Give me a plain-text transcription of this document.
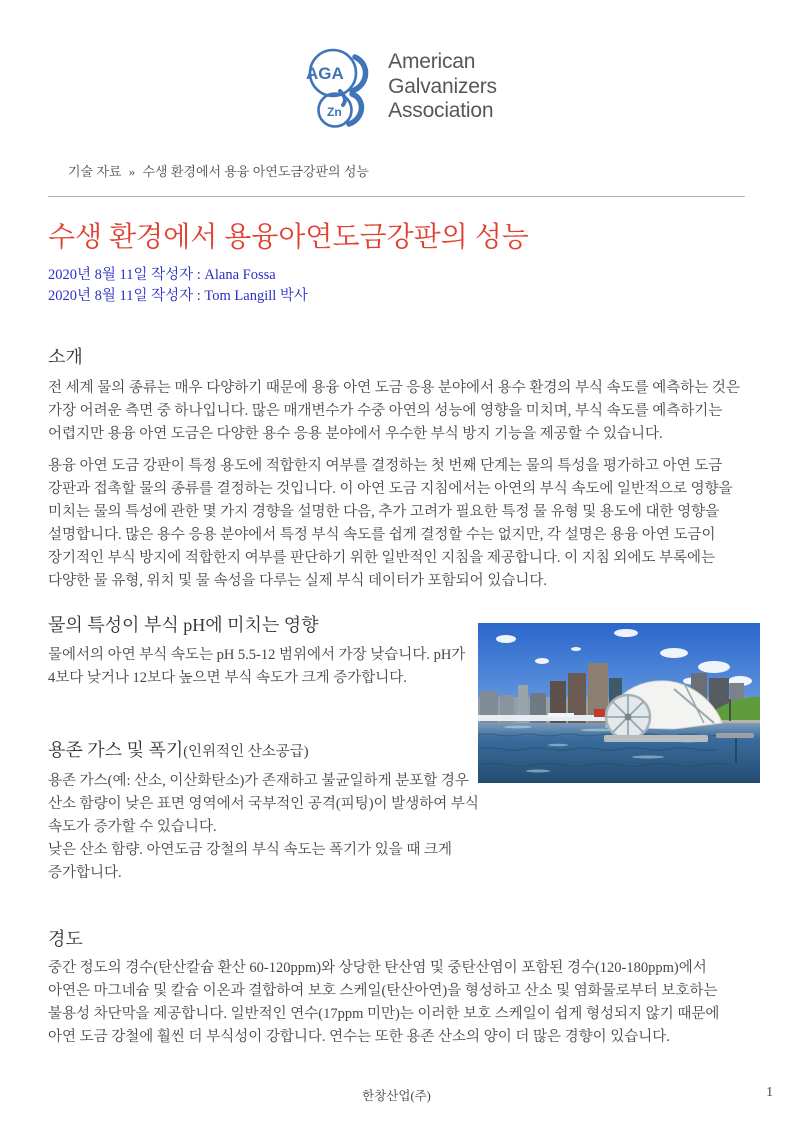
AGA
Zn
American
Galvanizers
Association
기술 자료 » 수생 환경에서 용융 아연도금강판의 성능
수생 환경에서 용융아연도금강판의 성능
2020년 8월 11일 작성자 : Alana Fossa
2020년 8월 11일 작성자 : Tom Langill 박사
소개

전 세계 물의 종류는 매우 다양하기 때문에 용융 아연 도금 응용 분야에서 용수 환경의 부식 속도를 예측하는 것은 가장 어려운 측면 중 하나입니다. 많은 매개변수가 수중 아연의 성능에 영향을 미치며, 부식 속도를 예측하기는 어렵지만 용융 아연 도금은 다양한 용수 응용 분야에서 우수한 부식 방지 기능을 제공할 수 있습니다.

용융 아연 도금 강판이 특정 용도에 적합한지 여부를 결정하는 첫 번째 단계는 물의 특성을 평가하고 아연 도금 강판과 접촉할 물의 종류를 결정하는 것입니다. 이 아연 도금 지침에서는 아연의 부식 속도에 일반적으로 영향을 미치는 물의 특성에 관한 몇 가지 경향을 설명한 다음, 추가 고려가 필요한 특정 물 유형 및 용도에 대한 영향을 설명합니다. 많은 용수 응용 분야에서 특정 부식 속도를 쉽게 결정할 수는 없지만, 각 설명은 용융 아연 도금이 장기적인 부식 방지에 적합한지 여부를 판단하기 위한 일반적인 지침을 제공합니다. 이 지침 외에도 부록에는 다양한 물 유형, 위치 및 물 속성을 다루는 실제 부식 데이터가 포함되어 있습니다.

물의 특성이 부식 pH에 미치는 영향

물에서의 아연 부식 속도는 pH 5.5-12 범위에서 가장 낮습니다. pH가 4보다 낮거나 12보다 높으면 부식 속도가 크게 증가합니다.

용존 가스 및 폭기(인위적인 산소공급)

용존 가스(예: 산소, 이산화탄소)가 존재하고 불균일하게 분포할 경우 산소 함량이 낮은 표면 영역에서 국부적인 공격(피팅)이 발생하여 부식 속도가 증가할 수 있습니다.

낮은 산소 함량. 아연도금 강철의 부식 속도는 폭기가 있을 때 크게 증가합니다.

경도

중간 정도의 경수(탄산칼슘 환산 60-120ppm)와 상당한 탄산염 및 중탄산염이 포함된 경수(120-180ppm)에서 아연은 마그네슘 및 칼슘 이온과 결합하여 보호 스케일(탄산아연)을 형성하고 산소 및 염화물로부터 보호하는 불용성 차단막을 제공합니다. 일반적인 연수(17ppm 미만)는 이러한 보호 스케일이 쉽게 형성되지 않기 때문에 아연 도금 강철에 훨씬 더 부식성이 강합니다. 연수는 또한 용존 산소의 양이 더 많은 경향이 있습니다.

한창산업(주)	1
